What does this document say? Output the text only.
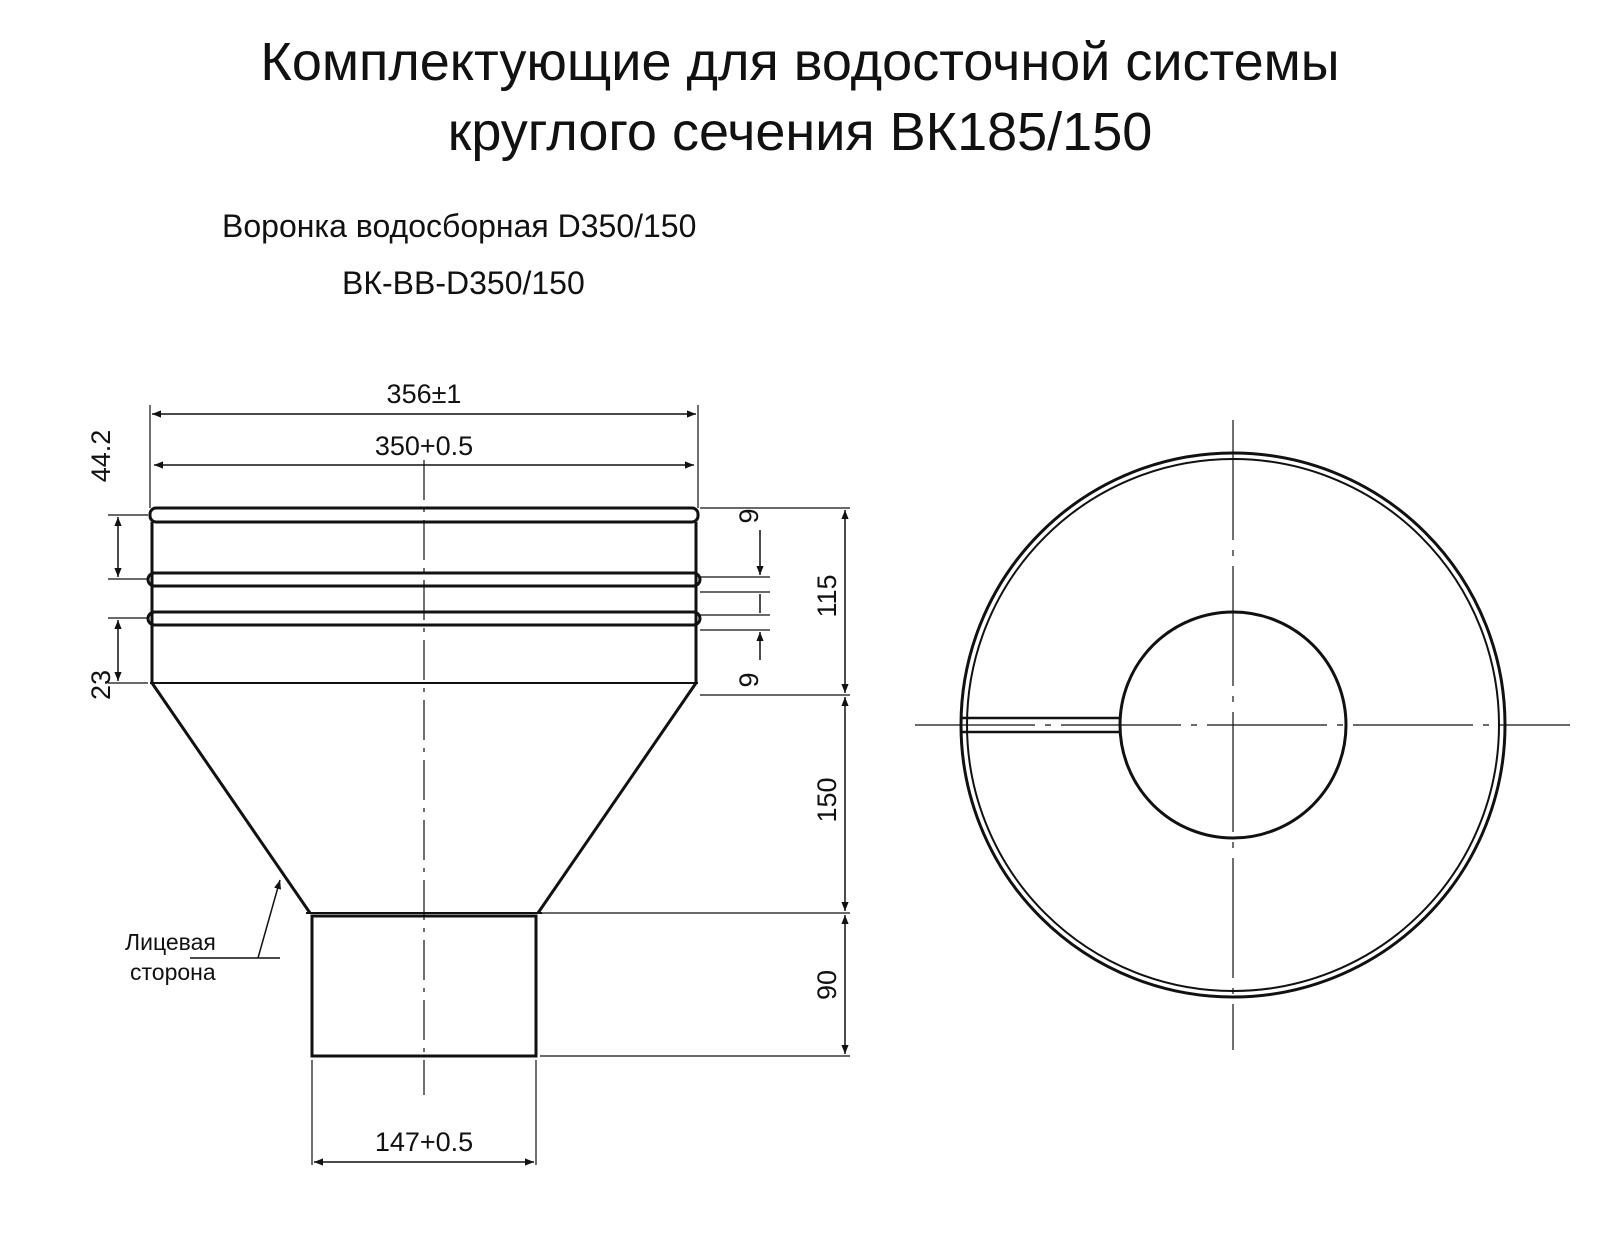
Комплектующие для водосточной системы
круглого сечения ВК185/150

Воронка водосборная D350/150

ВК-ВВ-D350/150

356±1
350+0.5
147+0.5
44.2
23
9
9
115
150
90
Лицевая
сторона
